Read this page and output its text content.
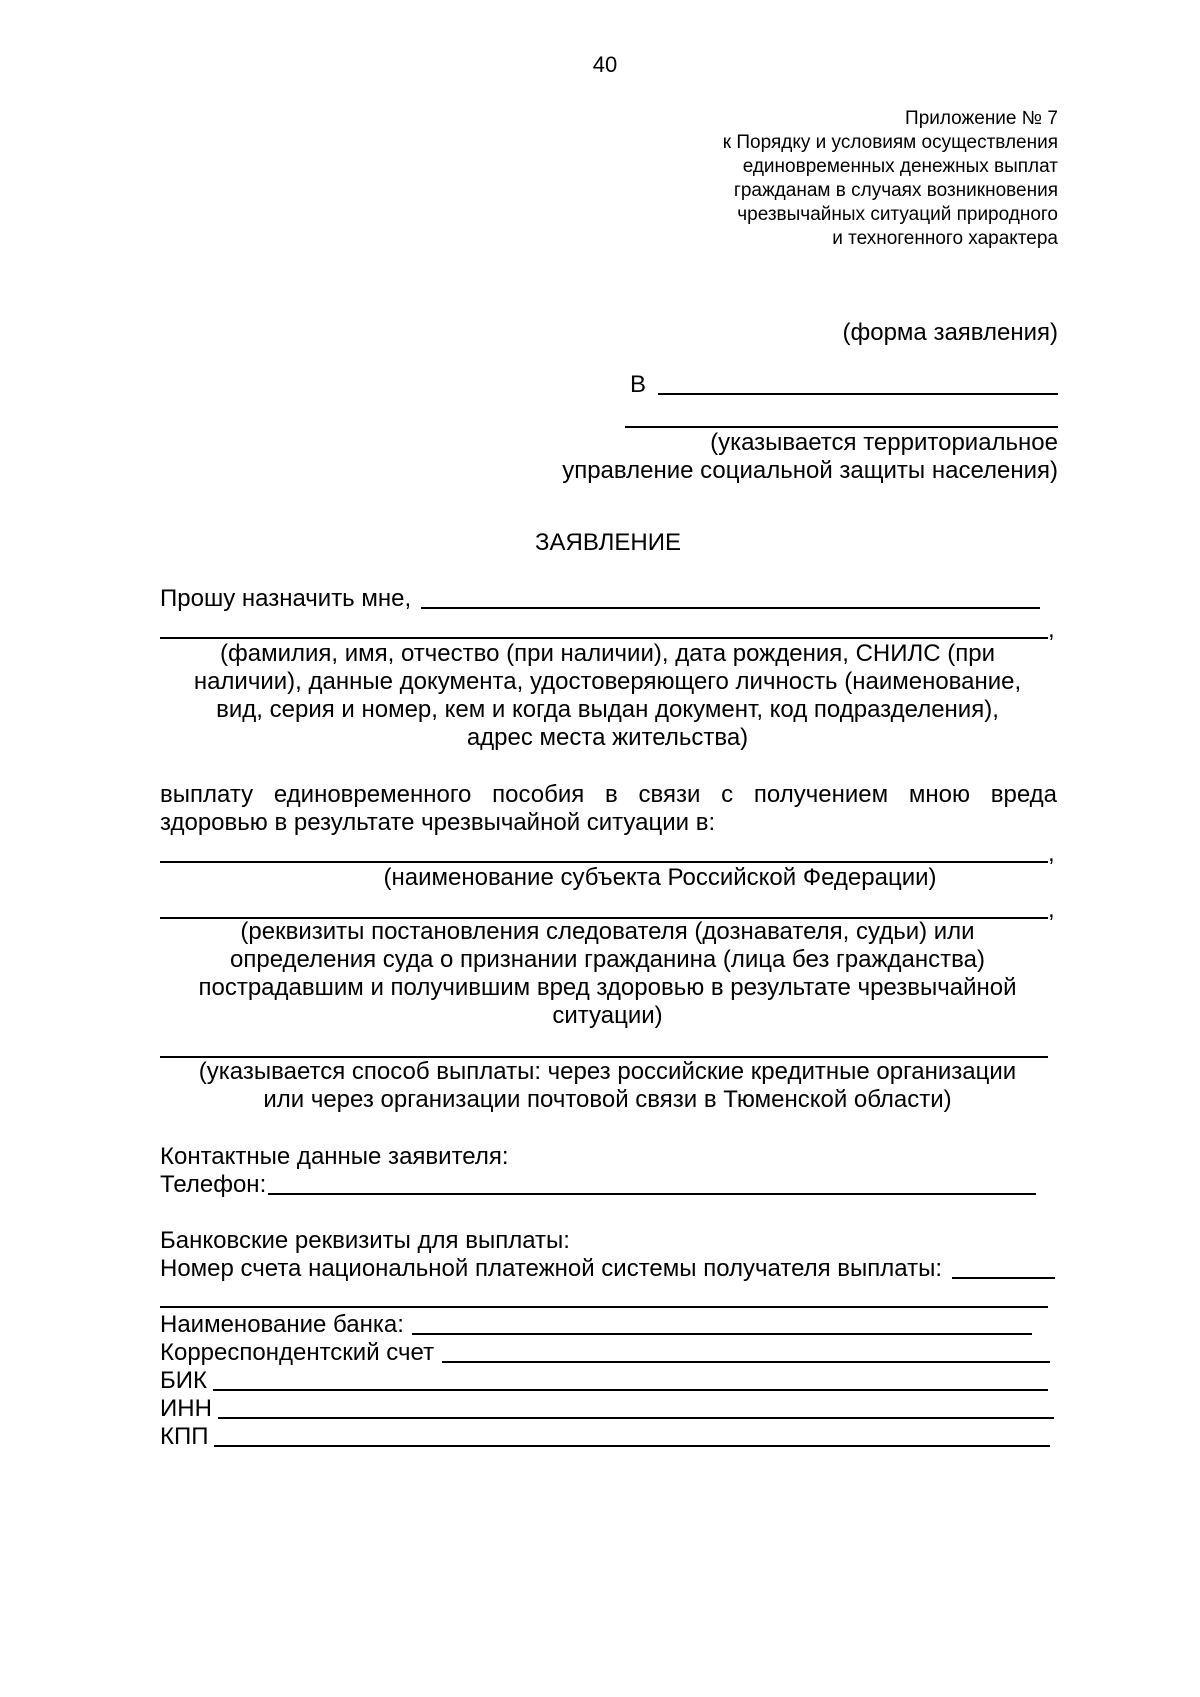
40
Приложение № 7
к Порядку и условиям осуществления
единовременных денежных выплат
гражданам в случаях возникновения
чрезвычайных ситуаций природного
и техногенного характера
(форма заявления)
В
(указывается территориальное
управление социальной защиты населения)
ЗАЯВЛЕНИЕ
Прошу назначить мне,
,
(фамилия, имя, отчество (при наличии), дата рождения, СНИЛС (при
наличии), данные документа, удостоверяющего личность (наименование,
вид, серия и номер, кем и когда выдан документ, код подразделения),
адрес места жительства)
выплату единовременного пособия в связи с получением мною вреда
здоровью в результате чрезвычайной ситуации в:
,
(наименование субъекта Российской Федерации)
,
(реквизиты постановления следователя (дознавателя, судьи) или
определения суда о признании гражданина (лица без гражданства)
пострадавшим и получившим вред здоровью в результате чрезвычайной
ситуации)
(указывается способ выплаты: через российские кредитные организации
или через организации почтовой связи в Тюменской области)
Контактные данные заявителя:
Телефон:
Банковские реквизиты для выплаты:
Номер счета национальной платежной системы получателя выплаты:
Наименование банка:
Корреспондентский счет
БИК
ИНН
КПП
